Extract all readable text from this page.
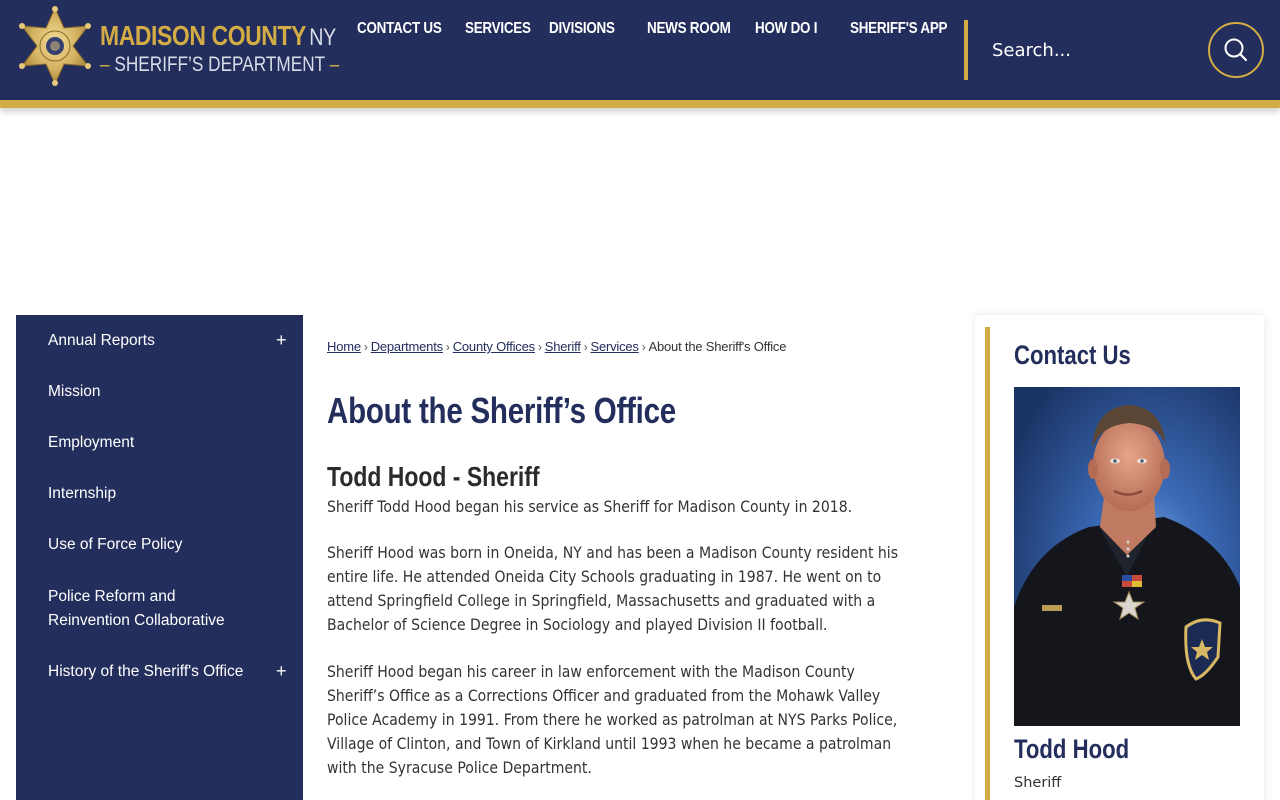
MADISON COUNTY NY
– SHERIFF’S DEPARTMENT –
CONTACT US SERVICES DIVISIONS NEWS ROOM HOW DO I SHERIFF'S APP
Search...
Annual Reports	+
Mission
Employment
Internship
Use of Force Policy
Police Reform and
Reinvention Collaborative
History of the Sheriff's Office +
Home › Departments › County Offices › Sheriff › Services › About the Sheriff's Office
About the Sheriff’s Office
Todd Hood - Sheriff

Sheriff Todd Hood began his service as Sheriff for Madison County in 2018.

Sheriff Hood was born in Oneida, NY and has been a Madison County resident his entire life. He attended Oneida City Schools graduating in 1987. He went on to attend Springfield College in Springfield, Massachusetts and graduated with a Bachelor of Science Degree in Sociology and played Division II football.

Sheriff Hood began his career in law enforcement with the Madison County Sheriff’s Office as a Corrections Officer and graduated from the Mohawk Valley Police Academy in 1991. From there he worked as patrolman at NYS Parks Police, Village of Clinton, and Town of Kirkland until 1993 when he became a patrolman with the Syracuse Police Department.

Contact Us
Todd Hood
Sheriff
